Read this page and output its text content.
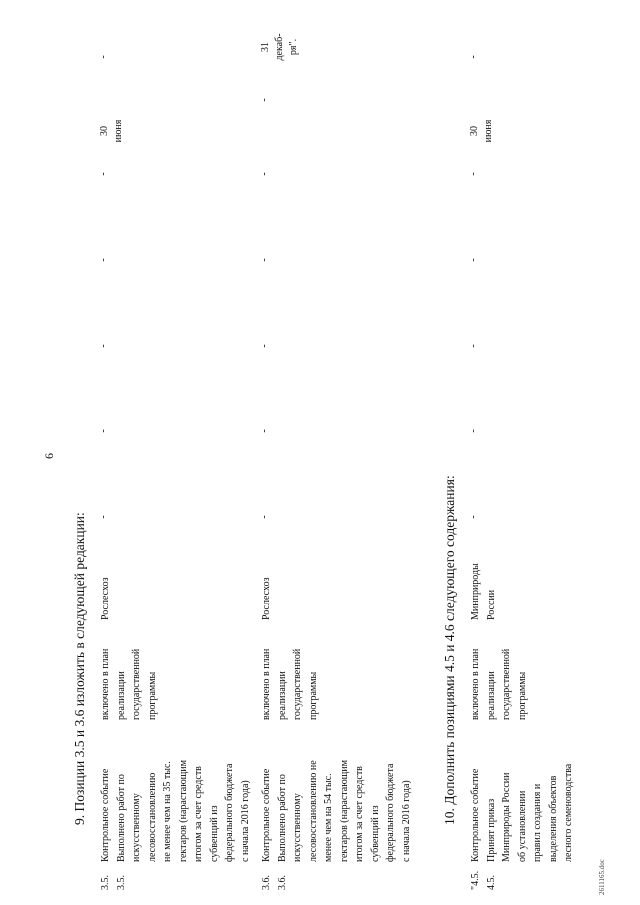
6
9. Позиции 3.5 и 3.6 изложить в следующей редакции:
3.5.
3.5.
Контрольное событие
Выполнено работ по
искусственному
лесовосстановлению
не менее чем на 35 тыс.
гектаров (нарастающим
итогом за счет средств
субвенций из
федерального бюджета
с начала 2016 года)
включено в план
реализации
государственной
программы
Рослесхоз
-
-
-
-
-
30
июня
-
3.6.
3.6.
Контрольное событие
Выполнено работ по
искусственному
лесовосстановлению не
менее чем на 54 тыс.
гектаров (нарастающим
итогом за счет средств
субвенций из
федерального бюджета
с начала 2016 года)
включено в план
реализации
государственной
программы
Рослесхоз
-
-
-
-
-
-
31
декаб-
ря".
10. Дополнить позициями 4.5 и 4.6 следующего содержания:
"4.5.
4.5.
Контрольное событие
Принят приказ
Минприроды России
об установлении
правил создания и
выделения объектов
лесного семеноводства
включено в план
реализации
государственной
программы
Минприроды
России
-
-
-
-
-
30
июня
-
2611165.doc
